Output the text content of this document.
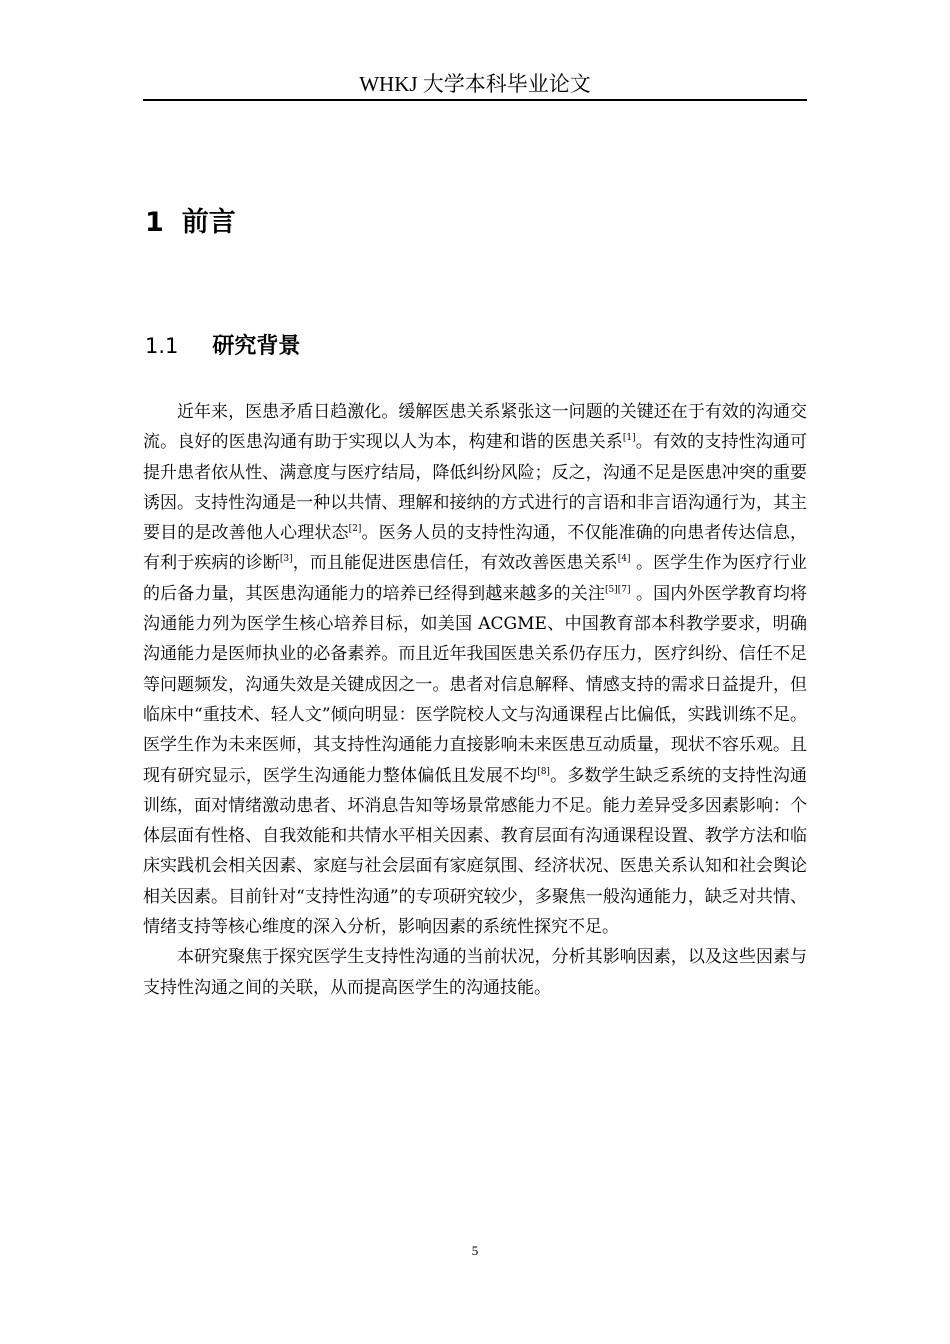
WHKJ 大学本科毕业论文
1 前言
1.1 研究背景

近年来，医患矛盾日趋激化。缓解医患关系紧张这一问题的关键还在于有效的沟通交流。良好的医患沟通有助于实现以人为本，构建和谐的医患关系[1]。有效的支持性沟通可提升患者依从性、满意度与医疗结局，降低纠纷风险；反之，沟通不足是医患冲突的重要诱因。支持性沟通是一种以共情、理解和接纳的方式进行的言语和非言语沟通行为，其主要目的是改善他人心理状态[2]。医务人员的支持性沟通，不仅能准确的向患者传达信息，有利于疾病的诊断[3]，而且能促进医患信任，有效改善医患关系[4] 。医学生作为医疗行业的后备力量，其医患沟通能力的培养已经得到越来越多的关注[5][7] 。国内外医学教育均将沟通能力列为医学生核心培养目标，如美国 ACGME、中国教育部本科教学要求，明确沟通能力是医师执业的必备素养。而且近年我国医患关系仍存压力，医疗纠纷、信任不足等问题频发，沟通失效是关键成因之一。患者对信息解释、情感支持的需求日益提升，但临床中“重技术、轻人文”倾向明显：医学院校人文与沟通课程占比偏低，实践训练不足。医学生作为未来医师，其支持性沟通能力直接影响未来医患互动质量，现状不容乐观。且现有研究显示，医学生沟通能力整体偏低且发展不均[8]。多数学生缺乏系统的支持性沟通训练，面对情绪激动患者、坏消息告知等场景常感能力不足。能力差异受多因素影响：个体层面有性格、自我效能和共情水平相关因素、教育层面有沟通课程设置、教学方法和临床实践机会相关因素、家庭与社会层面有家庭氛围、经济状况、医患关系认知和社会舆论相关因素。目前针对“支持性沟通”的专项研究较少，多聚焦一般沟通能力，缺乏对共情、情绪支持等核心维度的深入分析，影响因素的系统性探究不足。

本研究聚焦于探究医学生支持性沟通的当前状况，分析其影响因素，以及这些因素与支持性沟通之间的关联，从而提高医学生的沟通技能。

5
